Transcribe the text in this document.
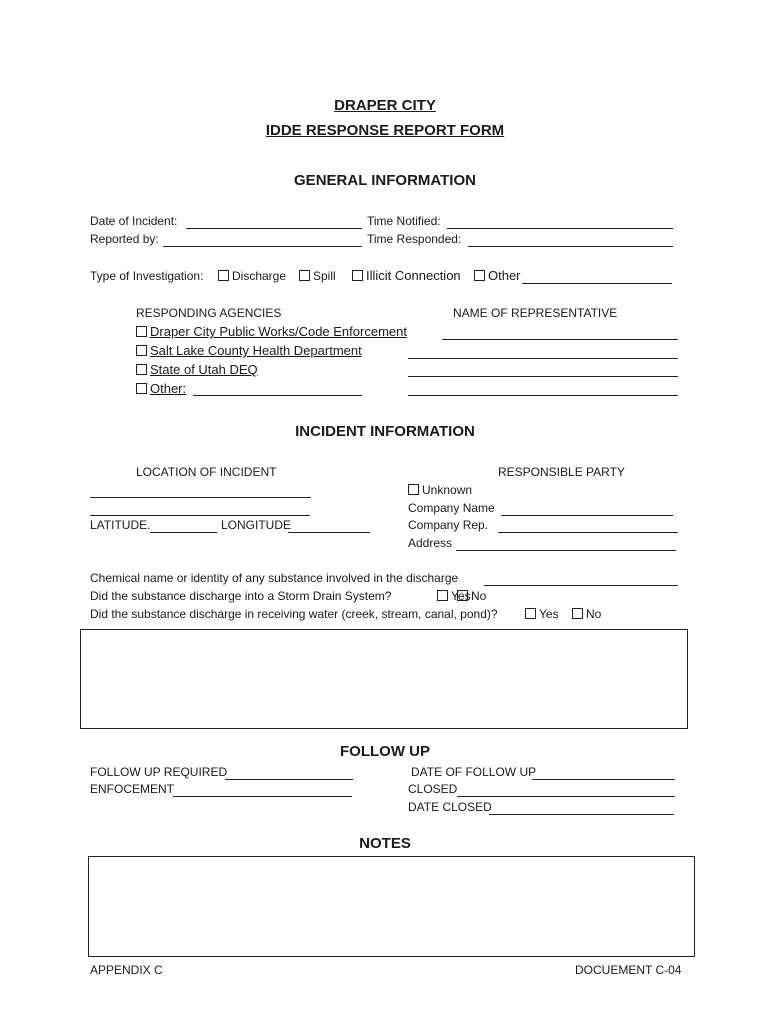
DRAPER CITY
IDDE RESPONSE REPORT FORM
GENERAL INFORMATION
Date of Incident:	Time Notified:
Reported by:	Time Responded:
Type of Investigation:	Discharge	Spill	Illicit Connection	Other
RESPONDING AGENCIES	NAME OF REPRESENTATIVE
Draper City Public Works/Code Enforcement
Salt Lake County Health Department
State of Utah DEQ
Other:
INCIDENT INFORMATION
LOCATION OF INCIDENT	RESPONSIBLE PARTY
Unknown
Company Name
LATITUDE.	LONGITUDE	Company Rep.
Address
Chemical name or identity of any substance involved in the discharge
Did the substance discharge into a Storm Drain System?	Yes No
Did the substance discharge in receiving water (creek, stream, canal, pond)?	Yes	No
FOLLOW UP
FOLLOW UP REQUIRED	DATE OF FOLLOW UP
ENFOCEMENT	CLOSED
DATE CLOSED
NOTES
APPENDIX C	DOCUEMENT C-04
